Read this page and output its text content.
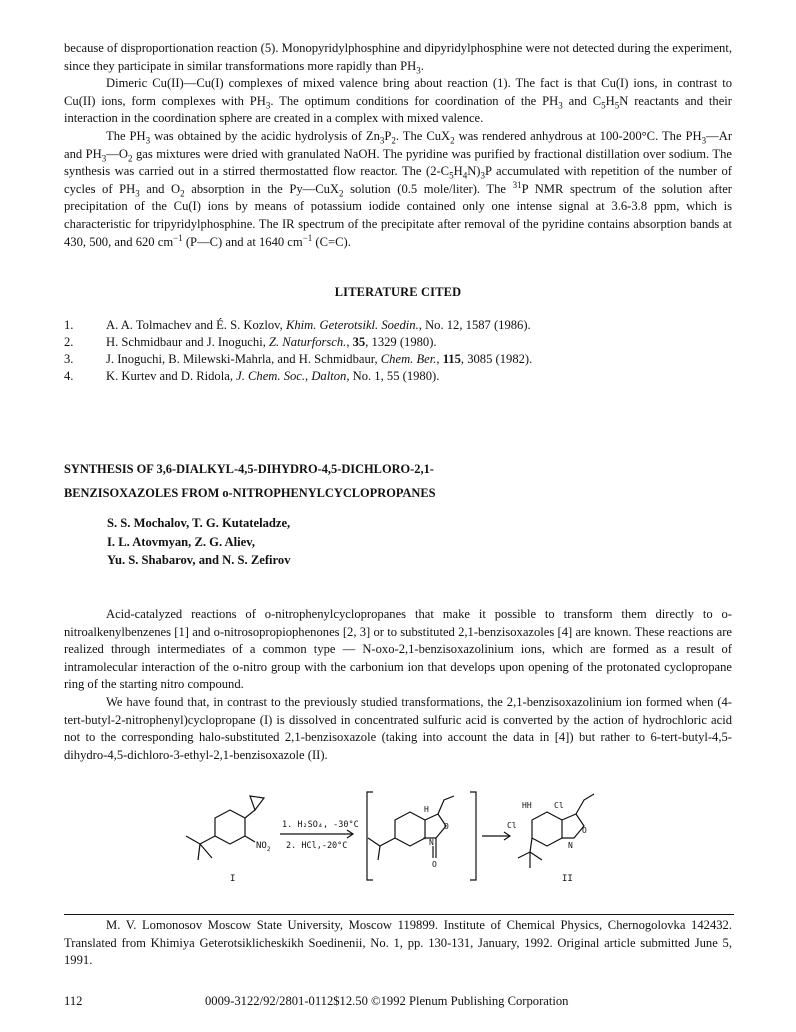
because of disproportionation reaction (5). Monopyridylphosphine and dipyridylphosphine were not detected during the experiment, since they participate in similar transformations more rapidly than $PH_3$.

Dimeric Cu(II)—Cu(I) complexes of mixed valence bring about reaction (1). The fact is that Cu(I) ions, in contrast to Cu(II) ions, form complexes with $PH_3$. The optimum conditions for coordination of the $PH_3$ and $C_5H_5N$ reactants and their interaction in the coordination sphere are created in a complex with mixed valence.

The $PH_3$ was obtained by the acidic hydrolysis of $Zn_3P_2$. The CuX$_2$ was rendered anhydrous at 100-200°C. The $PH_3—Ar$ and $PH_3—O_2$ gas mixtures were dried with granulated NaOH. The pyridine was purified by fractional distillation over sodium. The synthesis was carried out in a stirred thermostatted flow reactor. The $(2-C_5H_4N)_3P$ accumulated with repetition of the number of cycles of $PH_3$ and $O_2$ absorption in the Py—CuX$_2$ solution (0.5 mole/liter). The $^{31}$P NMR spectrum of the solution after precipitation of the Cu(I) ions by means of potassium iodide contained only one intense signal at 3.6-3.8 ppm, which is characteristic for tripyridylphosphine. The IR spectrum of the precipitate after removal of the pyridine contains absorption bands at 430, 500, and 620 $cm^{-1}$ (P—C) and at 1640 $cm^{-1}$ (C=C).

LITERATURE CITED
1.	A. A. Tolmachev and É. S. Kozlov, Khim. Geterotsikl. Soedin., No. 12, 1587 (1986).
2.	H. Schmidbaur and J. Inoguchi, Z. Naturforsch., 35, 1329 (1980).
3.	J. Inoguchi, B. Milewski-Mahrla, and H. Schmidbaur, Chem. Ber., 115, 3085 (1982).
4.	K. Kurtev and D. Ridola, J. Chem. Soc., Dalton, No. 1, 55 (1980).
SYNTHESIS OF 3,6-DIALKYL-4,5-DIHYDRO-4,5-DICHLORO-2,1-
BENZISOXAZOLES FROM o-NITROPHENYLCYCLOPROPANES
S. S. Mochalov, T. G. Kutateladze,
I. L. Atovmyan, Z. G. Aliev,
Yu. S. Shabarov, and N. S. Zefirov

Acid-catalyzed reactions of o-nitrophenylcyclopropanes that make it possible to transform them directly to o-nitroalkenylbenzenes [1] and o-nitrosopropiophenones [2, 3] or to substituted 2,1-benzisoxazoles [4] are known. These reactions are realized through intermediates of a common type — N-oxo-2,1-benzisoxazolinium ions, which are formed as a result of intramolecular interaction of the o-nitro group with the carbonium ion that develops upon opening of the protonated cyclopropane ring of the starting nitro compound.

We have found that, in contrast to the previously studied transformations, the 2,1-benzisoxazolinium ion formed when (4-tert-butyl-2-nitrophenyl)cyclopropane (I) is dissolved in concentrated sulfuric acid is converted by the action of hydrochloric acid not to the corresponding halo-substituted 2,1-benzisoxazole (taking into account the data in [4]) but rather to 6-tert-butyl-4,5-dihydro-4,5-dichloro-3-ethyl-2,1-benzisoxazole (II).

$NO_2$
I
1. H₂SO₄, -30°C
2. HCl,-20°C
H
O
N
+
O
HH	Cl
Cl
O
N
II

M. V. Lomonosov Moscow State University, Moscow 119899. Institute of Chemical Physics, Chernogolovka 142432. Translated from Khimiya Geterotsiklicheskikh Soedinenii, No. 1, pp. 130-131, January, 1992. Original article submitted June 5, 1991.

112	0009-3122/92/2801-0112$12.50 ©1992 Plenum Publishing Corporation
